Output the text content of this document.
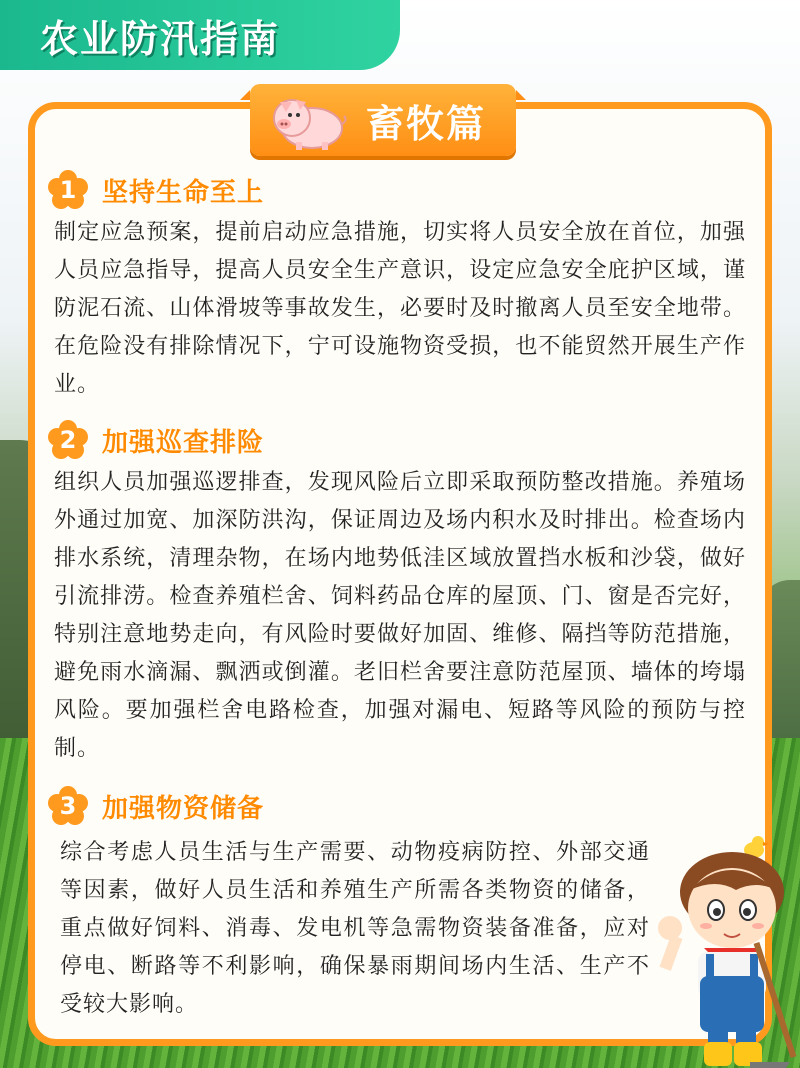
农业防汛指南
畜牧篇
1 坚持生命至上
制定应急预案，提前启动应急措施，切实将人员安全放在首位，加强人员应急指导，提高人员安全生产意识，设定应急安全庇护区域，谨防泥石流、山体滑坡等事故发生，必要时及时撤离人员至安全地带。在危险没有排除情况下，宁可设施物资受损，也不能贸然开展生产作业。
2 加强巡查排险
组织人员加强巡逻排查，发现风险后立即采取预防整改措施。养殖场外通过加宽、加深防洪沟，保证周边及场内积水及时排出。检查场内排水系统，清理杂物，在场内地势低洼区域放置挡水板和沙袋，做好引流排涝。检查养殖栏舍、饲料药品仓库的屋顶、门、窗是否完好，特别注意地势走向，有风险时要做好加固、维修、隔挡等防范措施，避免雨水滴漏、飘洒或倒灌。老旧栏舍要注意防范屋顶、墙体的垮塌风险。要加强栏舍电路检查，加强对漏电、短路等风险的预防与控制。
3 加强物资储备
综合考虑人员生活与生产需要、动物疫病防控、外部交通等因素，做好人员生活和养殖生产所需各类物资的储备，重点做好饲料、消毒、发电机等急需物资装备准备，应对停电、断路等不利影响，确保暴雨期间场内生活、生产不受较大影响。
